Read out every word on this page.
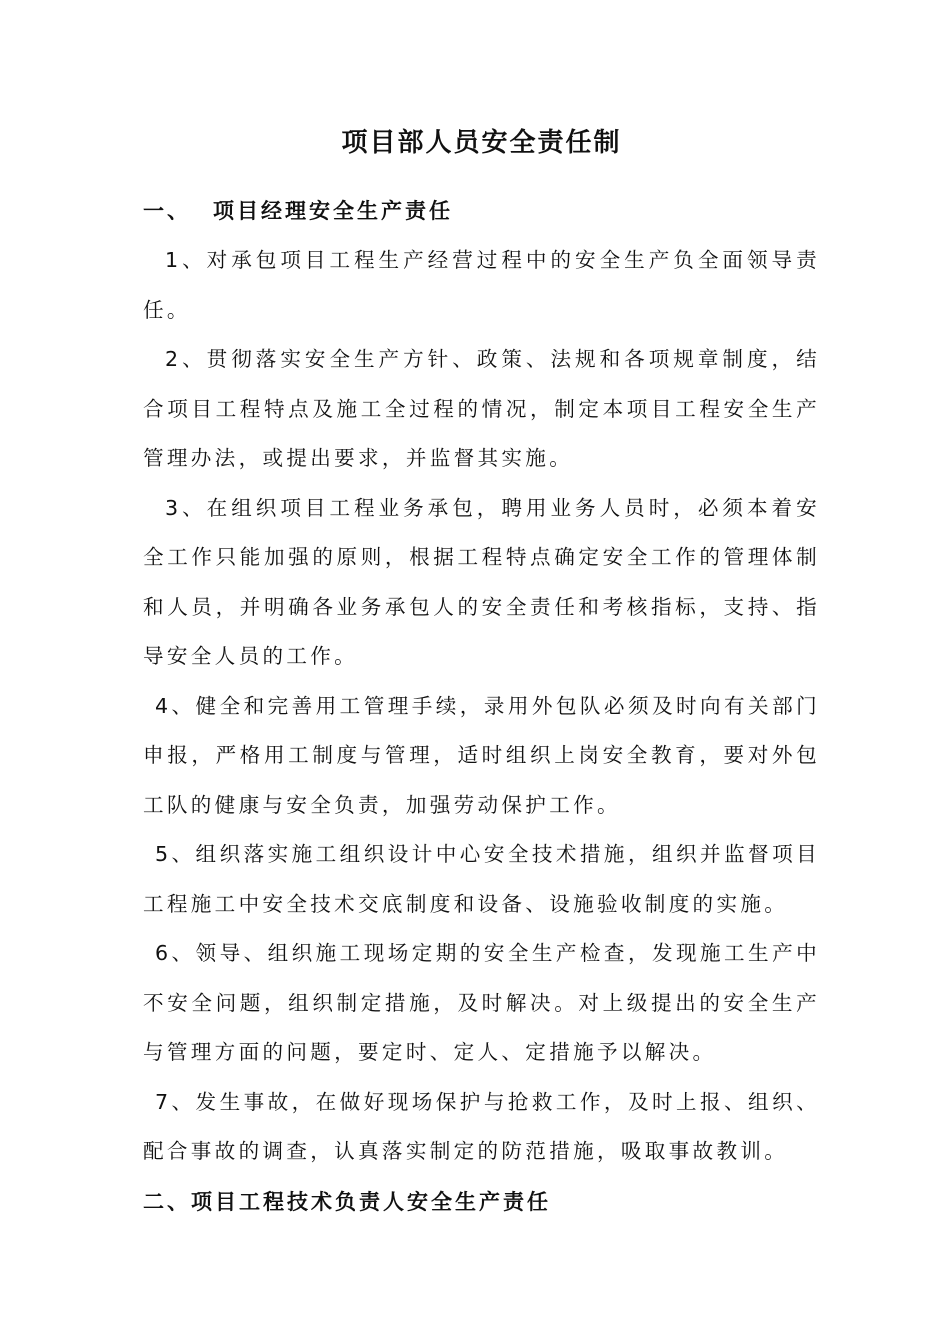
项目部人员安全责任制
一、 项目经理安全生产责任

1、对承包项目工程生产经营过程中的安全生产负全面领导责任。

2、贯彻落实安全生产方针、政策、法规和各项规章制度，结合项目工程特点及施工全过程的情况，制定本项目工程安全生产管理办法，或提出要求，并监督其实施。

3、在组织项目工程业务承包，聘用业务人员时，必须本着安全工作只能加强的原则，根据工程特点确定安全工作的管理体制和人员，并明确各业务承包人的安全责任和考核指标，支持、指导安全人员的工作。

4、健全和完善用工管理手续，录用外包队必须及时向有关部门申报，严格用工制度与管理，适时组织上岗安全教育，要对外包工队的健康与安全负责，加强劳动保护工作。

5、组织落实施工组织设计中心安全技术措施，组织并监督项目工程施工中安全技术交底制度和设备、设施验收制度的实施。

6、领导、组织施工现场定期的安全生产检查，发现施工生产中不安全问题，组织制定措施，及时解决。对上级提出的安全生产与管理方面的问题，要定时、定人、定措施予以解决。

7、发生事故，在做好现场保护与抢救工作，及时上报、组织、配合事故的调查，认真落实制定的防范措施，吸取事故教训。

二、项目工程技术负责人安全生产责任
